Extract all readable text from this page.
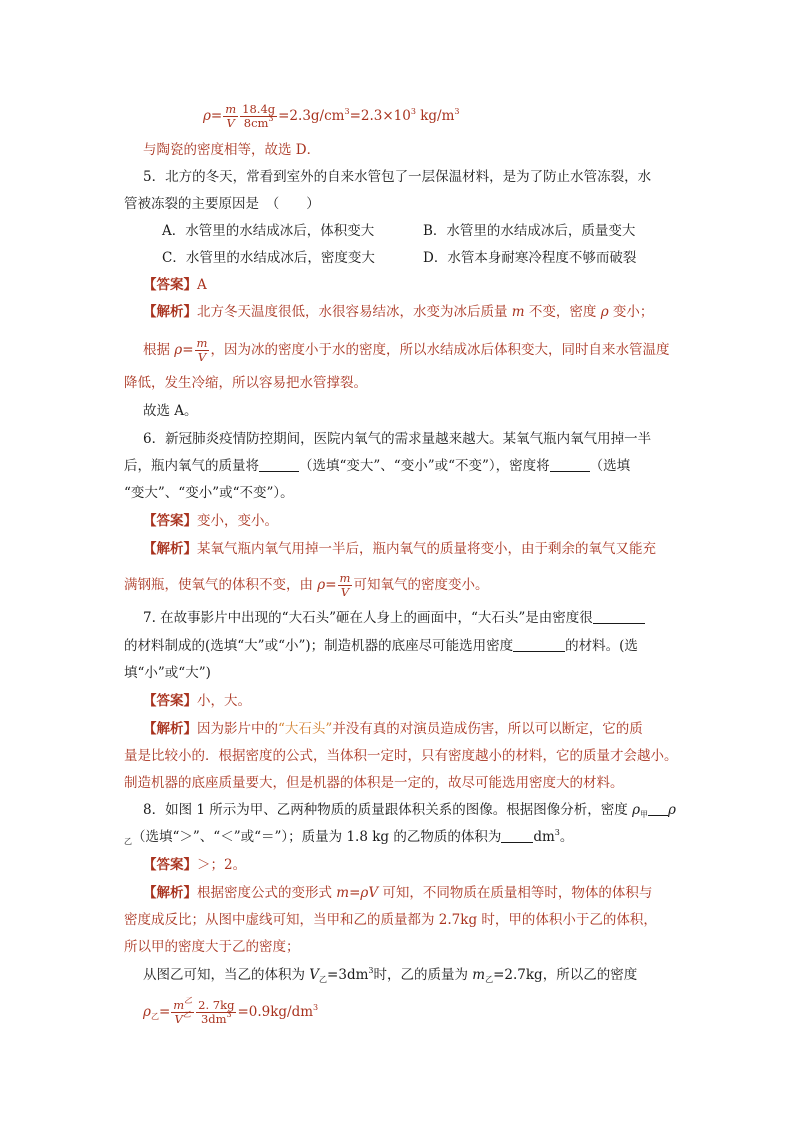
$\rho= \frac{m}{V} \frac{18.4g}{8cm^3} =2.3g/cm^3=2.3\times 10^3$ $kg/m^3$
与陶瓷的密度相等，故选 D．
5．北方的冬天，常看到室外的自来水管包了一层保温材料，是为了防止水管冻裂，水
管被冻裂的主要原因是　（　　）
A．水管里的水结成冰后，体积变大	B．水管里的水结成冰后，质量变大
C．水管里的水结成冰后，密度变大	D．水管本身耐寒冷程度不够而破裂
【答案】A
【解析】北方冬天温度很低，水很容易结冰，水变为冰后质量 m 不变，密度 ρ 变小；
根据 $\rho= \frac{m}{V}$ ，因为冰的密度小于水的密度，所以水结成冰后体积变大，同时自来水管温度
降低，发生冷缩，所以容易把水管撑裂。
故选 A。
6．新冠肺炎疫情防控期间，医院内氧气的需求量越来越大。某氧气瓶内氧气用掉一半
后，瓶内氧气的质量将	（选填“变大”、“变小”或“不变”），密度将	（选填
“变大”、“变小”或“不变”）。
【答案】变小，变小。
【解析】某氧气瓶内氧气用掉一半后，瓶内氧气的质量将变小，由于剩余的氧气又能充
满钢瓶，使氧气的体积不变，由 $\rho= \frac{m}{V}$ 可知氧气的密度变小。
7. 在故事影片中出现的“大石头”砸在人身上的画面中，“大石头”是由密度很
的材料制成的(选填“大”或“小”)；制造机器的底座尽可能选用密度	的材料。(选
填“小”或“大”)
【答案】小，大。
【解析】因为影片中的“大石头”并没有真的对演员造成伤害，所以可以断定，它的质
量是比较小的．根据密度的公式，当体积一定时，只有密度越小的材料，它的质量才会越小。
制造机器的底座质量要大，但是机器的体积是一定的，故尽可能选用密度大的材料。
8．如图 1 所示为甲、乙两种物质的质量跟体积关系的图像。根据图像分析，密度 $\rho_甲$ ρ
$_乙$（选填“＞”、“＜”或“＝”）；质量为 1.8 kg 的乙物质的体积为 $dm^3$。
【答案】＞；2。
【解析】根据密度公式的变形式 m=ρV 可知，不同物质在质量相等时，物体的体积与
密度成反比；从图中虚线可知，当甲和乙的质量都为 2.7kg 时，甲的体积小于乙的体积，
所以甲的密度大于乙的密度；
从图乙可知，当乙的体积为 $V_乙=3dm^3$时，乙的质量为 $m_乙=2.7kg$，所以乙的密度
$\rho_乙= \frac{m^乙}{V^乙} \frac{2. 7kg}{3dm^3} =0.9kg/dm^3$
